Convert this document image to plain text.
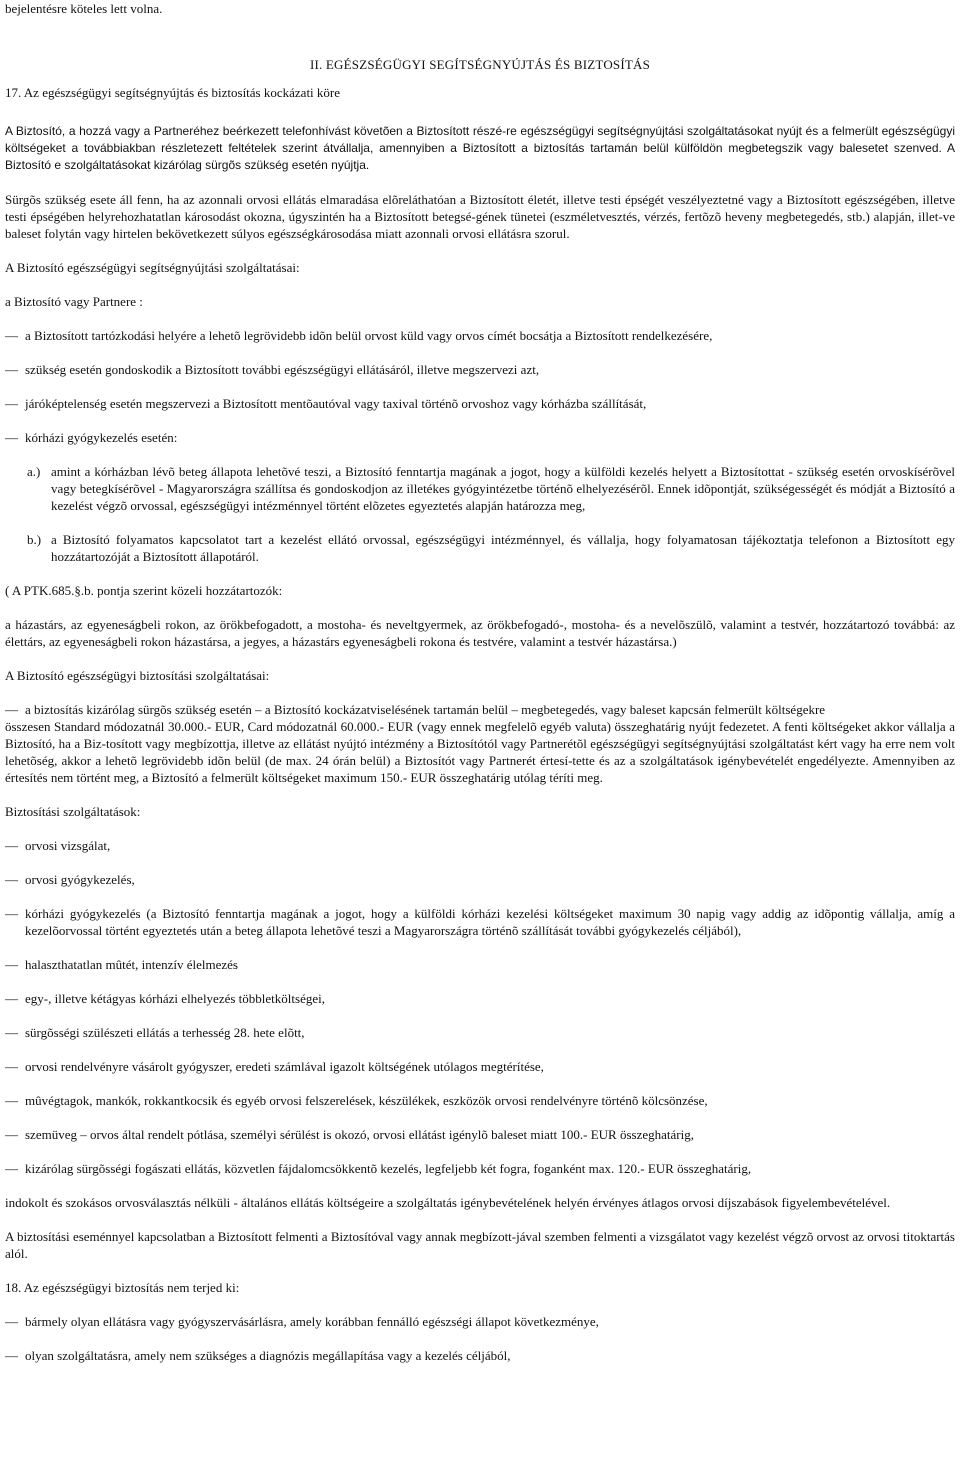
bejelentésre köteles lett volna.

II. EGÉSZSÉGÜGYI SEGÍTSÉGNYÚJTÁS ÉS BIZTOSÍTÁS

17. Az egészségügyi segítségnyújtás és biztosítás kockázati köre

A Biztosító, a hozzá vagy a Partneréhez beérkezett telefonhívást követõen a Biztosított részé-re egészségügyi segítségnyújtási szolgáltatásokat nyújt és a felmerült egészségügyi költségeket a továbbiakban részletezett feltételek szerint átvállalja, amennyiben a Biztosított a biztosítás tartamán belül külföldön megbetegszik vagy balesetet szenved. A Biztosító e szolgáltatásokat kizárólag sürgõs szükség esetén nyújtja.

Sürgõs szükség esete áll fenn, ha az azonnali orvosi ellátás elmaradása elõreláthatóan a Biztosított életét, illetve testi épségét veszélyeztetné vagy a Biztosított egészségében, illetve testi épségében helyrehozhatatlan károsodást okozna, úgyszintén ha a Biztosított betegsé-gének tünetei (eszméletvesztés, vérzés, fertõzõ heveny megbetegedés, stb.) alapján, illet-ve baleset folytán vagy hirtelen bekövetkezett súlyos egészségkárosodása miatt azonnali orvosi ellátásra szorul.

A Biztosító egészségügyi segítségnyújtási szolgáltatásai:

a Biztosító vagy Partnere :

— a Biztosított tartózkodási helyére a lehetõ legrövidebb idõn belül orvost küld vagy orvos címét bocsátja a Biztosított rendelkezésére,

— szükség esetén gondoskodik a Biztosított további egészségügyi ellátásáról, illetve megszervezi azt,

— járóképtelenség esetén megszervezi a Biztosított mentõautóval vagy taxival történõ orvoshoz vagy kórházba szállítását,

— kórházi gyógykezelés esetén:

a.) amint a kórházban lévõ beteg állapota lehetõvé teszi, a Biztosító fenntartja magának a jogot, hogy a külföldi kezelés helyett a Biztosítottat - szükség esetén orvoskísérõvel vagy betegkísérõvel - Magyarországra szállítsa és gondoskodjon az illetékes gyógyintézetbe történõ elhelyezésérõl. Ennek idõpontját, szükségességét és módját a Biztosító a kezelést végzõ orvossal, egészségügyi intézménnyel történt elõzetes egyeztetés alapján határozza meg,

b.) a Biztosító folyamatos kapcsolatot tart a kezelést ellátó orvossal, egészségügyi intézménnyel, és vállalja, hogy folyamatosan tájékoztatja telefonon a Biztosított egy hozzátartozóját a Biztosított állapotáról.

( A PTK.685.§.b. pontja szerint közeli hozzátartozók:

a házastárs, az egyeneságbeli rokon, az örökbefogadott, a mostoha- és neveltgyermek, az örökbefogadó-, mostoha- és a nevelõszülõ, valamint a testvér, hozzátartozó továbbá: az élettárs, az egyeneságbeli rokon házastársa, a jegyes, a házastárs egyeneságbeli rokona és testvére, valamint a testvér házastársa.)

A Biztosító egészségügyi biztosítási szolgáltatásai:

— a biztosítás kizárólag sürgõs szükség esetén – a Biztosító kockázatviselésének tartamán belül – megbetegedés, vagy baleset kapcsán felmerült költségekre

összesen Standard módozatnál 30.000.- EUR, Card módozatnál 60.000.- EUR (vagy ennek megfelelõ egyéb valuta) összeghatárig nyújt fedezetet. A fenti költségeket akkor vállalja a Biztosító, ha a Biz-tosított vagy megbízottja, illetve az ellátást nyújtó intézmény a Biztosítótól vagy Partnerétõl egészségügyi segítségnyújtási szolgáltatást kért vagy ha erre nem volt lehetõség, akkor a lehetõ legrövidebb idõn belül (de max. 24 órán belül) a Biztosítót vagy Partnerét értesí-tette és az a szolgáltatások igénybevételét engedélyezte. Amennyiben az értesítés nem történt meg, a Biztosító a felmerült költségeket maximum 150.- EUR összeghatárig utólag téríti meg.

Biztosítási szolgáltatások:

— orvosi vizsgálat,

— orvosi gyógykezelés,

— kórházi gyógykezelés (a Biztosító fenntartja magának a jogot, hogy a külföldi kórházi kezelési költségeket maximum 30 napig vagy addig az idõpontig vállalja, amíg a kezelõorvossal történt egyeztetés után a beteg állapota lehetõvé teszi a Magyarországra történõ szállítását további gyógykezelés céljából),

— halaszthatatlan mûtét, intenzív élelmezés

— egy-, illetve kétágyas kórházi elhelyezés többletköltségei,

— sürgõsségi szülészeti ellátás a terhesség 28. hete elõtt,

— orvosi rendelvényre vásárolt gyógyszer, eredeti számlával igazolt költségének utólagos megtérítése,

— mûvégtagok, mankók, rokkantkocsik és egyéb orvosi felszerelések, készülékek, eszközök orvosi rendelvényre történõ kölcsönzése,

— szemüveg – orvos által rendelt pótlása, személyi sérülést is okozó, orvosi ellátást igénylõ baleset miatt 100.- EUR összeghatárig,

— kizárólag sürgõsségi fogászati ellátás, közvetlen fájdalomcsökkentõ kezelés, legfeljebb két fogra, foganként max. 120.- EUR összeghatárig,

indokolt és szokásos orvosválasztás nélküli - általános ellátás költségeire a szolgáltatás igénybevételének helyén érvényes átlagos orvosi díjszabások figyelembevételével.

A biztosítási eseménnyel kapcsolatban a Biztosított felmenti a Biztosítóval vagy annak megbízott-jával szemben felmenti a vizsgálatot vagy kezelést végzõ orvost az orvosi titoktartás alól.

18. Az egészségügyi biztosítás nem terjed ki:

— bármely olyan ellátásra vagy gyógyszervásárlásra, amely korábban fennálló egészségi állapot következménye,

— olyan szolgáltatásra, amely nem szükséges a diagnózis megállapítása vagy a kezelés céljából,
